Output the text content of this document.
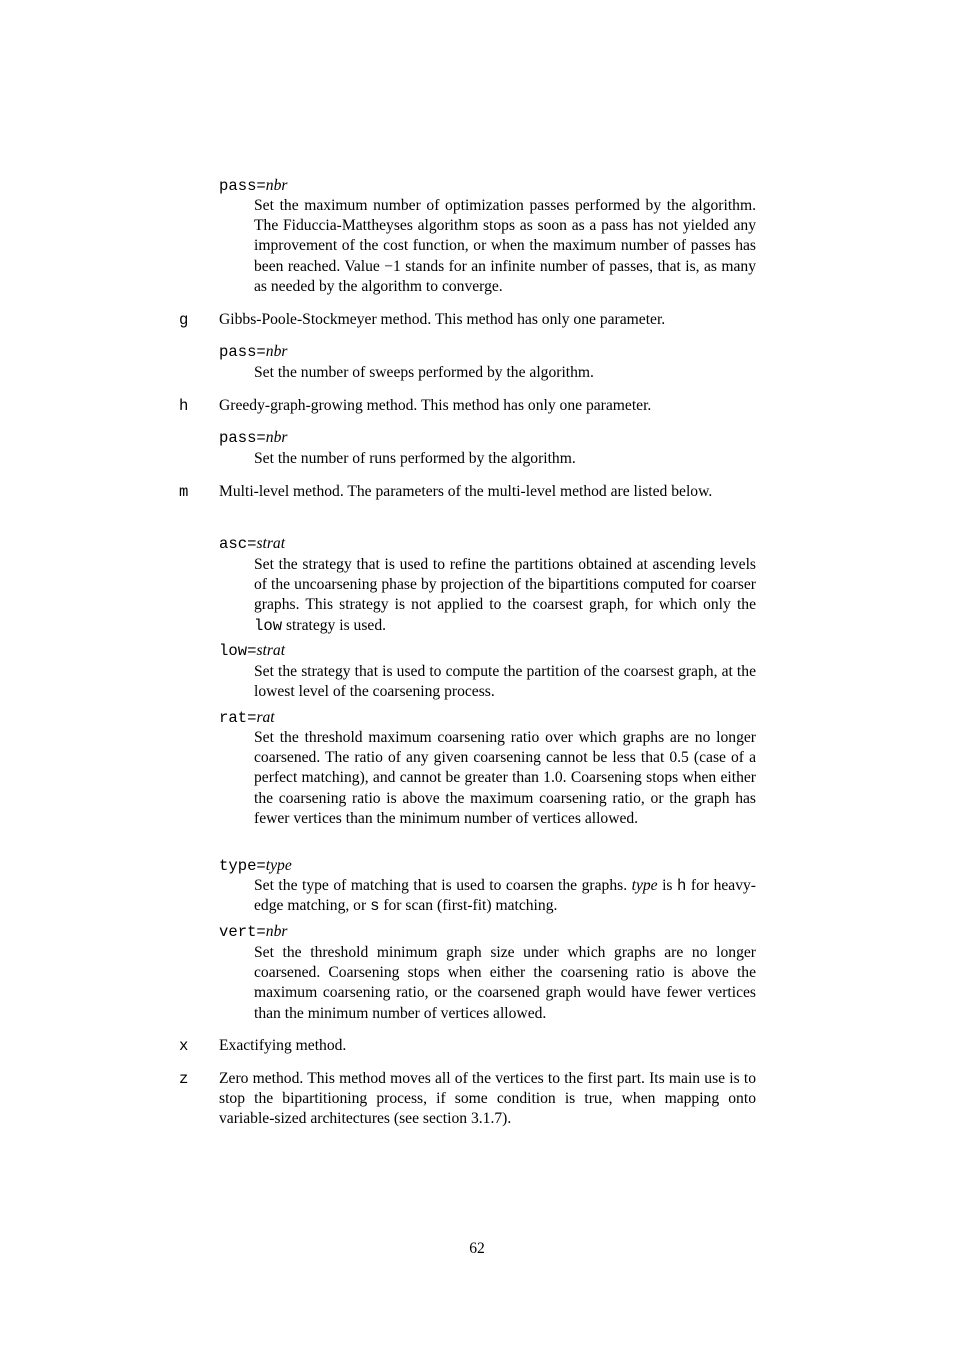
pass=nbr
Set the maximum number of optimization passes performed by the algorithm. The Fiduccia-Mattheyses algorithm stops as soon as a pass has not yielded any improvement of the cost function, or when the maximum number of passes has been reached. Value −1 stands for an infinite number of passes, that is, as many as needed by the algorithm to converge.
g Gibbs-Poole-Stockmeyer method. This method has only one parameter.
pass=nbr
Set the number of sweeps performed by the algorithm.
h Greedy-graph-growing method. This method has only one parameter.
pass=nbr
Set the number of runs performed by the algorithm.
m Multi-level method. The parameters of the multi-level method are listed below.
asc=strat
Set the strategy that is used to refine the partitions obtained at ascending levels of the uncoarsening phase by projection of the bipartitions computed for coarser graphs. This strategy is not applied to the coarsest graph, for which only the low strategy is used.
low=strat
Set the strategy that is used to compute the partition of the coarsest graph, at the lowest level of the coarsening process.
rat=rat
Set the threshold maximum coarsening ratio over which graphs are no longer coarsened. The ratio of any given coarsening cannot be less that 0.5 (case of a perfect matching), and cannot be greater than 1.0. Coarsening stops when either the coarsening ratio is above the maximum coarsening ratio, or the graph has fewer vertices than the minimum number of vertices allowed.
type=type
Set the type of matching that is used to coarsen the graphs. type is h for heavy-edge matching, or s for scan (first-fit) matching.
vert=nbr
Set the threshold minimum graph size under which graphs are no longer coarsened. Coarsening stops when either the coarsening ratio is above the maximum coarsening ratio, or the coarsened graph would have fewer vertices than the minimum number of vertices allowed.
x Exactifying method.
z Zero method. This method moves all of the vertices to the first part. Its main use is to stop the bipartitioning process, if some condition is true, when mapping onto variable-sized architectures (see section 3.1.7).
62
